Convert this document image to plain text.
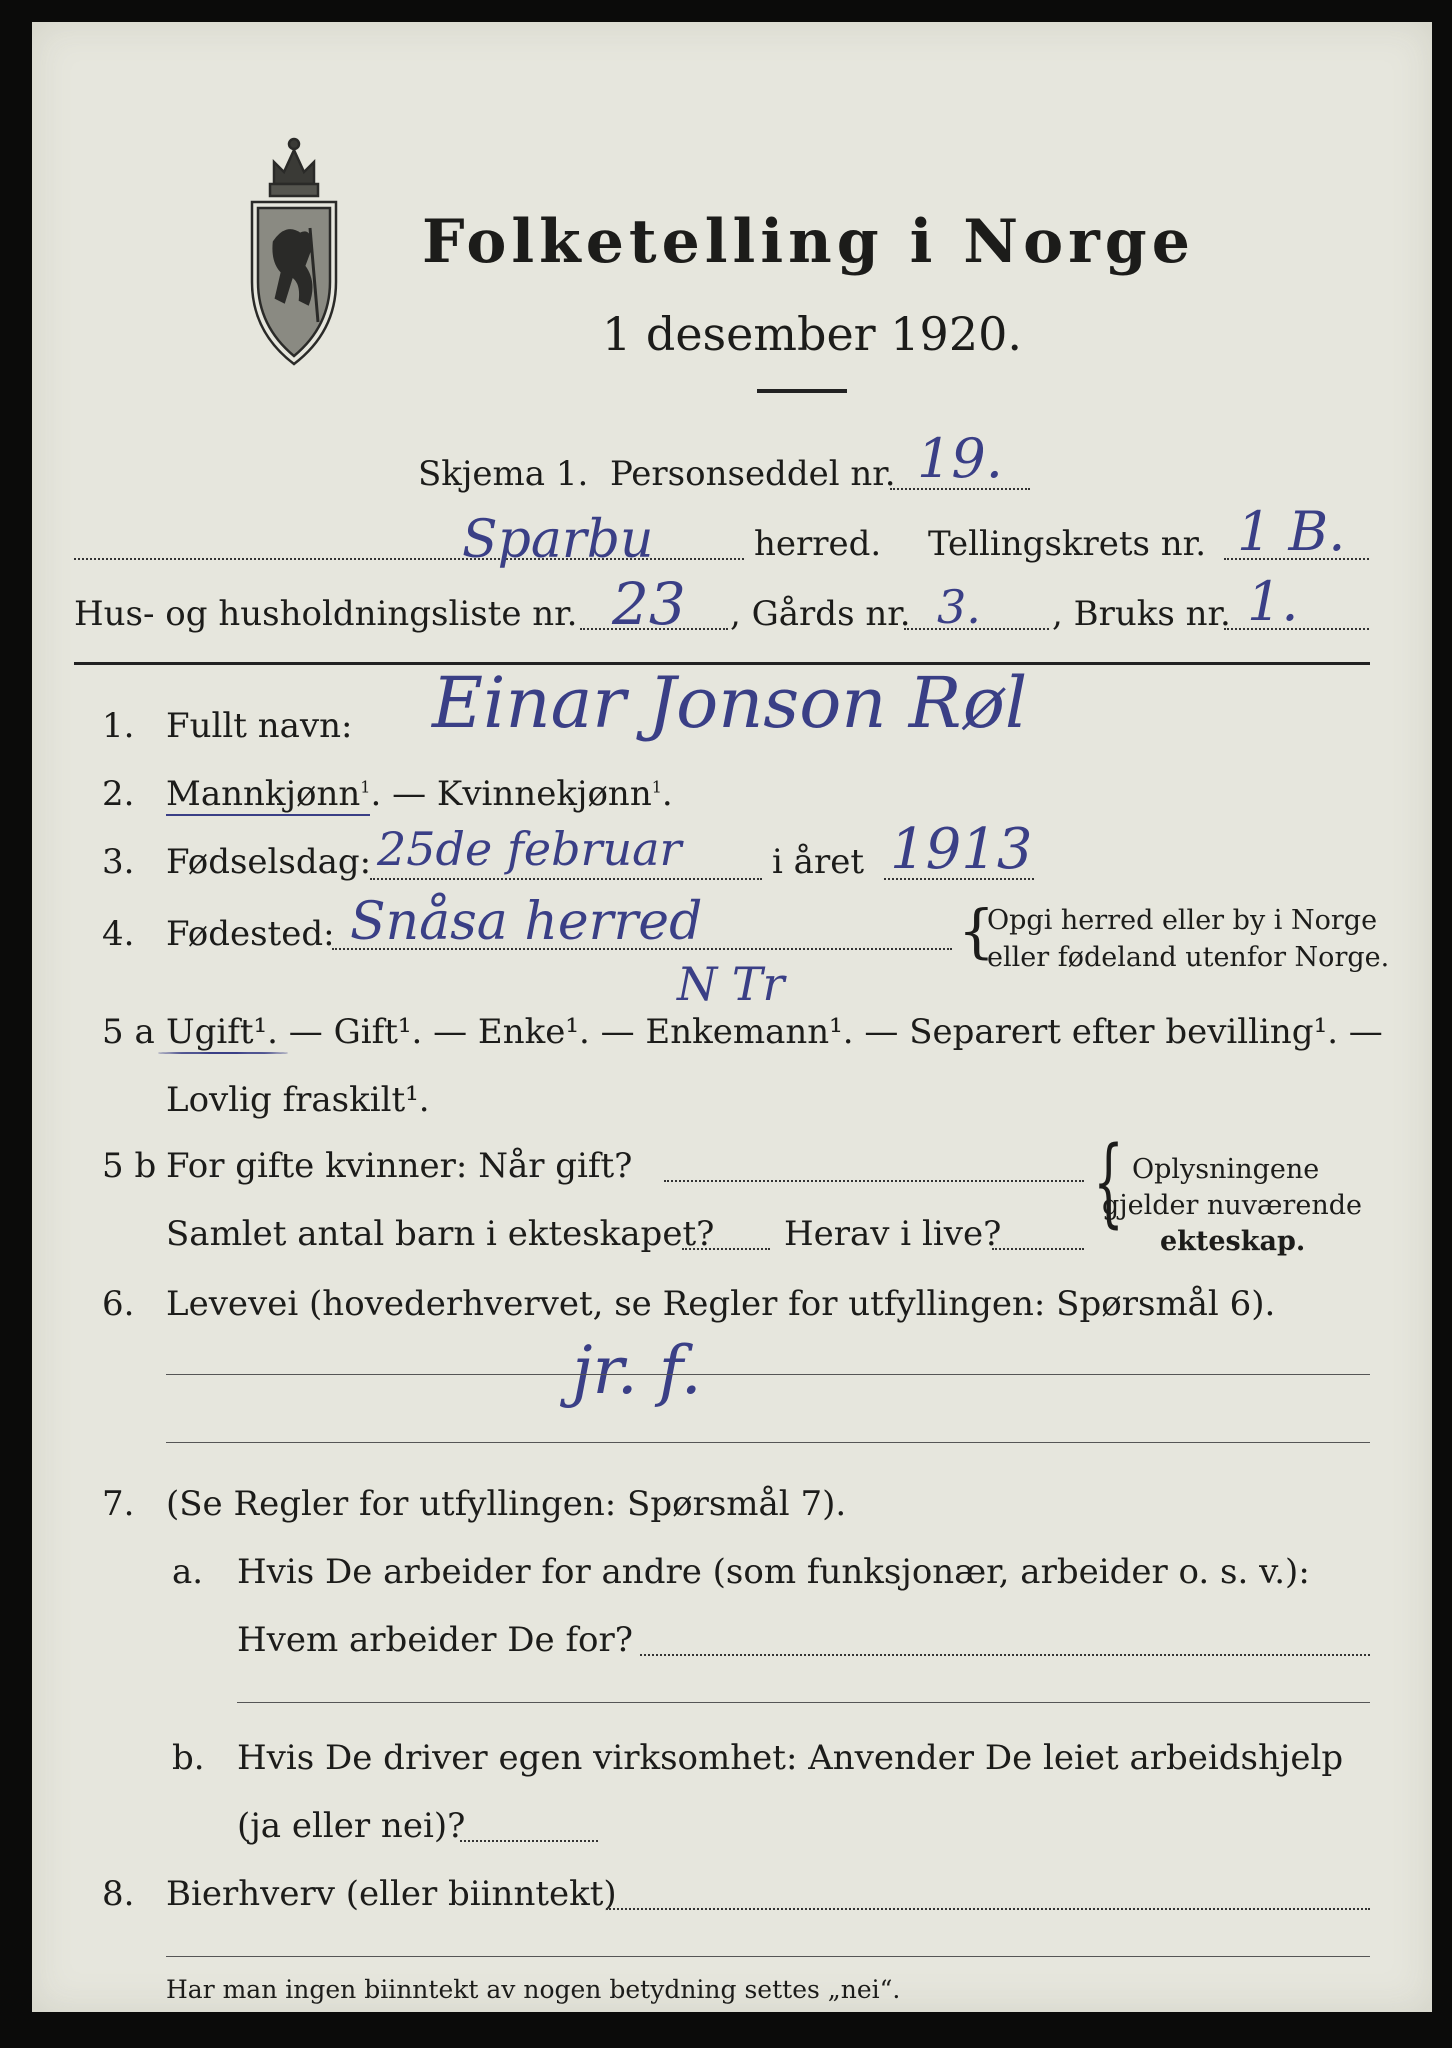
Folketelling i Norge
1 desember 1920.
Skjema 1. Personseddel nr. 19.
Sparbu	herred. Tellingskrets nr. 1 B.
Hus- og husholdningsliste nr. 23 , Gårds nr. 3. , Bruks nr. 1.
1. Fullt navn: Einar Jonson Røl
2. Mannkjønn$^1$. — Kvinnekjønn$^1$.
3. Fødselsdag: 25de februar	i året 1913
4. Fødested: Snåsa herred
N Tr
{
Opgi herred eller by i Norge
eller fødeland utenfor Norge.
5 a Ugift¹. — Gift¹. — Enke¹. — Enkemann¹. — Separert efter bevilling¹. —
Lovlig fraskilt¹.
5 b For gifte kvinner: Når gift?
Samlet antal barn i ekteskapet? Herav i live? { Oplysningene
gjelder nuværende
ekteskap.
6. Levevei (hovederhvervet, se Regler for utfyllingen: Spørsmål 6).
jr. f.
7. (Se Regler for utfyllingen: Spørsmål 7).
a. Hvis De arbeider for andre (som funksjonær, arbeider o. s. v.):
Hvem arbeider De for?
b. Hvis De driver egen virksomhet: Anvender De leiet arbeidshjelp
(ja eller nei)?
8. Bierhverv (eller biinntekt)
Har man ingen biinntekt av nogen betydning settes „nei“.
